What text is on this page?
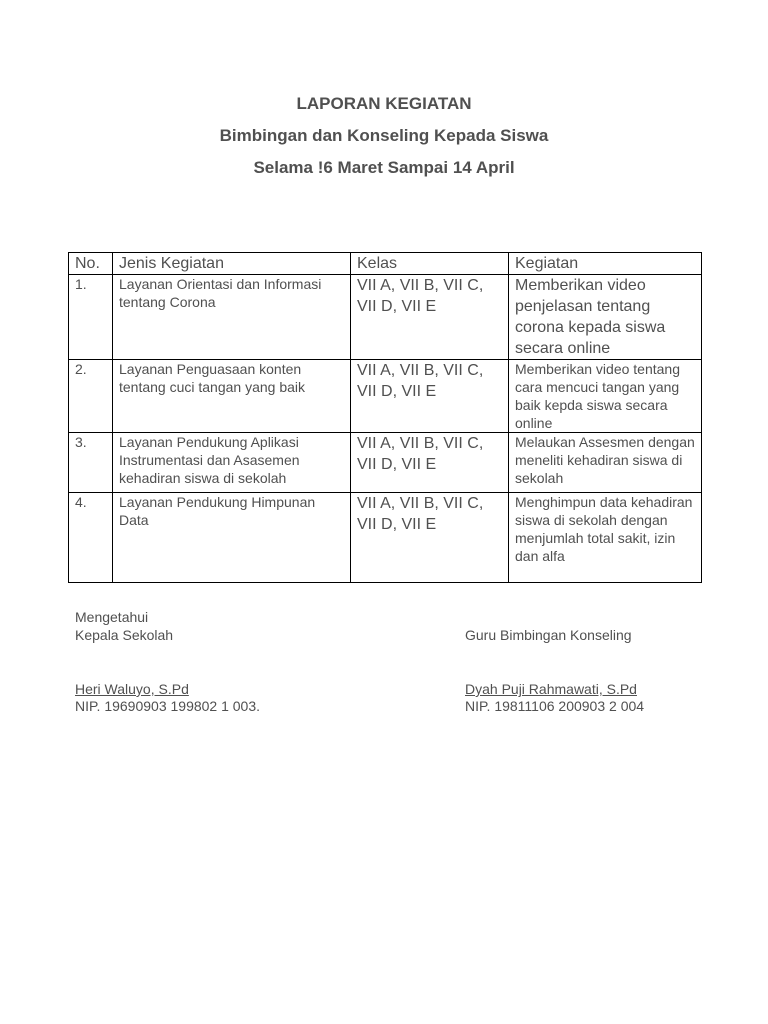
LAPORAN KEGIATAN
Bimbingan dan Konseling Kepada Siswa
Selama !6 Maret Sampai 14 April
No.	Jenis Kegiatan	Kelas	Kegiatan
1.	Layanan Orientasi dan Informasi tentang Corona	VII A, VII B, VII C, VII D, VII E	Memberikan video penjelasan tentang corona kepada siswa secara online
2.	Layanan Penguasaan konten tentang cuci tangan yang baik	VII A, VII B, VII C, VII D, VII E	Memberikan video tentang cara mencuci tangan yang baik kepda siswa secara online
3.	Layanan Pendukung Aplikasi Instrumentasi dan Asasemen kehadiran siswa di sekolah	VII A, VII B, VII C, VII D, VII E	Melaukan Assesmen dengan meneliti kehadiran siswa di sekolah
4.	Layanan Pendukung Himpunan Data	VII A, VII B, VII C, VII D, VII E	Menghimpun data kehadiran siswa di sekolah dengan menjumlah total sakit, izin dan alfa
Mengetahui
Kepala Sekolah
Heri Waluyo, S.Pd
NIP. 19690903 199802 1 003.
Guru Bimbingan Konseling
Dyah Puji Rahmawati, S.Pd
NIP. 19811106 200903 2 004
